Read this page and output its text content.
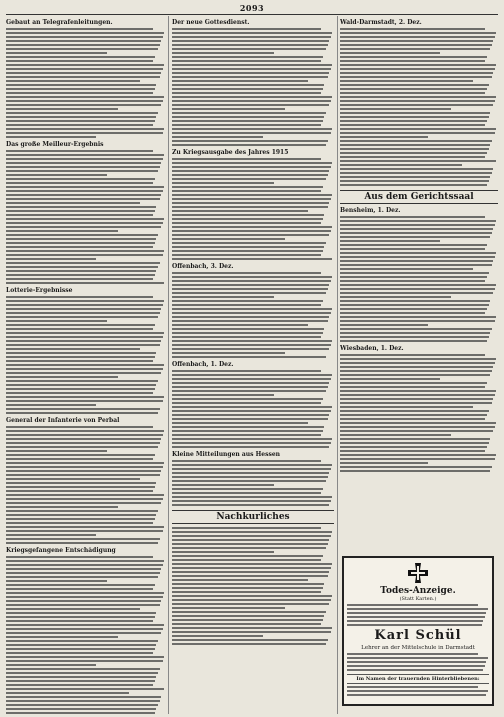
2093
Gebaut an Telegrafenleitungen.
Das große Meilleur-Ergebnis
Lotterie-Ergebnisse
General der Infanterie von Perbal
Kriegsgefangene Entschädigung
Der neue Gottesdienst.
Zu Kriegsausgabe des Jahres 1915
Offenbach, 3. Dez.
Offenbach, 1. Dez.
Kleine Mitteilungen aus Hessen
Nachkurliches
Wald-Darmstadt, 2. Dez.
Aus dem Gerichtssaal
Bensheim, 1. Dez.
Wiesbaden, 1. Dez.
Todes-Anzeige.
(Statt Karten.)
Karl Schül
Lehrer an der Mittelschule in Darmstadt
Im Namen der trauernden Hinterbliebenen:
